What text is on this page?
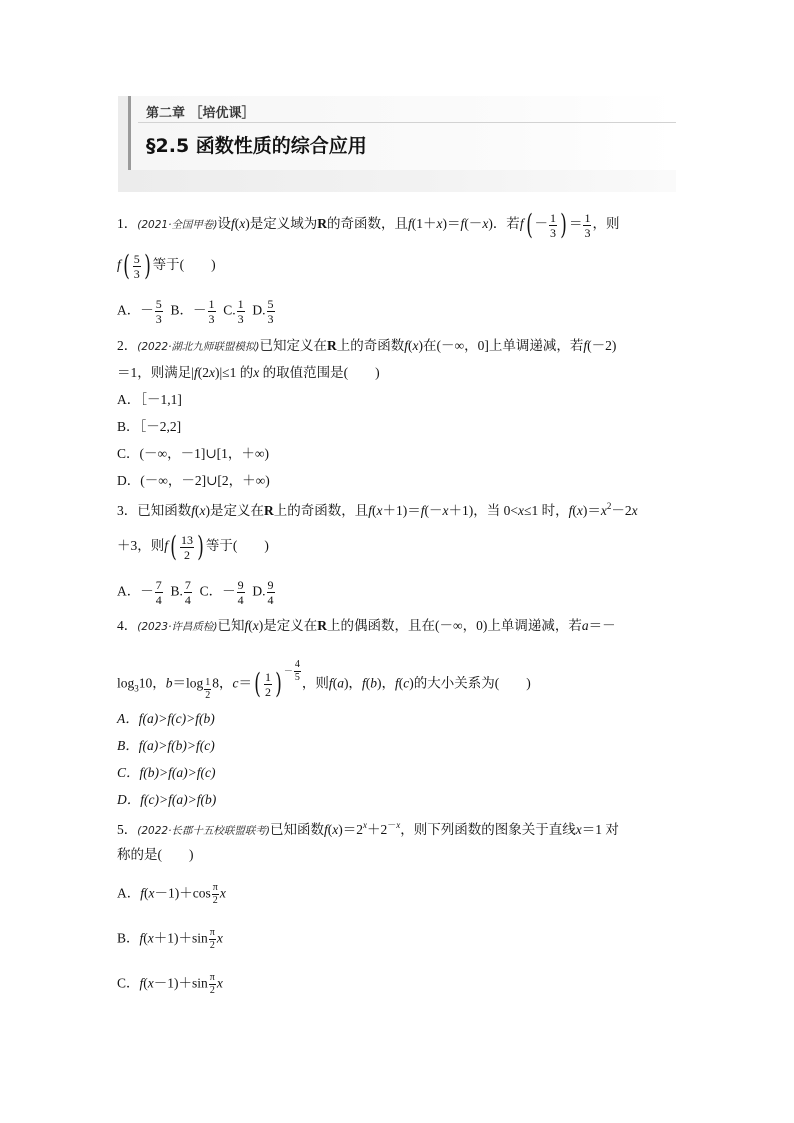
第二章 ［培优课］
§2.5 函数性质的综合应用
1．(2021·全国甲卷)设f(x)是定义域为R的奇函数，且f(1＋x)＝f(－x)．若$f( - \frac{1}{3}$ ) ＝ $\frac{1}{3}$ ，则
$f( \frac{5}{3}$ ) 等于(　　)
A．－ $\frac{5}{3}$ B．－ $\frac{1}{3} C$. $\frac{1}{3} D$. $\frac{5}{3}$
2．(2022·湖北九师联盟模拟)已知定义在R上的奇函数f(x)在(－∞，0]上单调递减，若f(－2)
＝1，则满足|f(2x)|≤1 的x 的取值范围是(　　)
A．［－1,1]
B．［－2,2]
C．(－∞，－1]∪[1，＋∞)
D．(－∞，－2]∪[2，＋∞)
3．已知函数f(x)是定义在R上的奇函数，且f(x＋1)＝f(－x＋1)，当 0<x≤1 时，$f(x)=x^2-2x$
＋3，则$f( \frac{13}{2}$ ) 等于(　　)
A．－ $\frac{7}{4} B$. $\frac{7}{4}$ C．－ $\frac{9}{4} D$. $\frac{9}{4}$
4．(2023·许昌质检)已知f(x)是定义在R上的偶函数，且在(－∞，0)上单调递减，若a＝－
$\log_310$，$b=\log \frac{1}{2} 8$，$c=( \frac{1}{2}$ ) $^{- \frac{4}{5}}$
，则f(a)，f(b)，f(c)的大小关系为(　　)
A．f(a)>f(c)>f(b)
B．f(a)>f(b)>f(c)
C．f(b)>f(a)>f(c)
D．f(c)>f(a)>f(b)
5．(2022·长郡十五校联盟联考)已知函数$f(x)=2^x+2^{-x}$，则下列函数的图象关于直线x＝1 对
称的是(　　)
A．$f(x-1)+\cos \frac{\pi}{2}$ x
B．$f(x+1)+\sin \frac{\pi}{2}$ x
C．$f(x-1)+\sin \frac{\pi}{2}$ x
